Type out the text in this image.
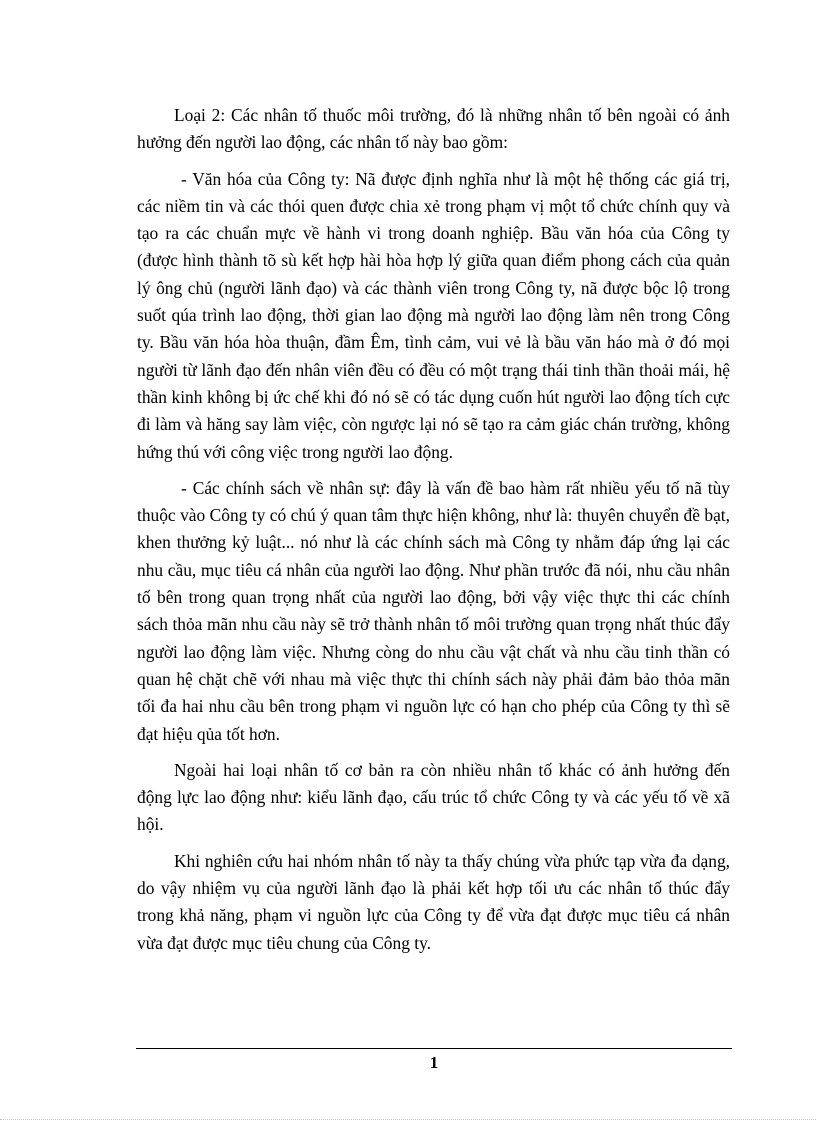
Loại 2: Các nhân tố thuốc môi trường, đó là những nhân tố bên ngoài có ảnh hưởng đến người lao động, các nhân tố này bao gồm:

- Văn hóa của Công ty: Nã được định nghĩa như là một hệ thống các giá trị, các niềm tin và các thói quen được chia xẻ trong phạm vị một tổ chức chính quy và tạo ra các chuẩn mực về hành vi trong doanh nghiệp. Bầu văn hóa của Công ty (được hình thành tõ sù kết hợp hài hòa hợp lý giữa quan điểm phong cách của quản lý ông chủ (người lãnh đạo) và các thành viên trong Công ty, nã được bộc lộ trong suốt qúa trình lao động, thời gian lao động mà người lao động làm nên trong Công ty. Bầu văn hóa hòa thuận, đầm Êm, tình cảm, vui vẻ là bầu văn háo mà ở đó mọi người từ lãnh đạo đến nhân viên đều có đều có một trạng thái tinh thần thoải mái, hệ thần kinh không bị ức chế khi đó nó sẽ có tác dụng cuốn hút người lao động tích cực đi làm và hăng say làm việc, còn ngược lại nó sẽ tạo ra cảm giác chán trường, không hứng thú với công việc trong người lao động.

- Các chính sách về nhân sự: đây là vấn đề bao hàm rất nhiều yếu tố nã tùy thuộc vào Công ty có chú ý quan tâm thực hiện không, như là: thuyên chuyển đề bạt, khen thưởng kỷ luật... nó như là các chính sách mà Công ty nhằm đáp ứng lại các nhu cầu, mục tiêu cá nhân của người lao động. Như phần trước đã nói, nhu cầu nhân tố bên trong quan trọng nhất của người lao động, bởi vậy việc thực thi các chính sách thỏa mãn nhu cầu này sẽ trở thành nhân tố môi trường quan trọng nhất thúc đẩy người lao động làm việc. Nhưng còng do nhu cầu vật chất và nhu cầu tinh thần có quan hệ chặt chẽ với nhau mà việc thực thi chính sách này phải đảm bảo thỏa mãn tối đa hai nhu cầu bên trong phạm vi nguồn lực có hạn cho phép của Công ty thì sẽ đạt hiệu qủa tốt hơn.

Ngoài hai loại nhân tố cơ bản ra còn nhiều nhân tố khác có ảnh hưởng đến động lực lao động như: kiểu lãnh đạo, cấu trúc tổ chức Công ty và các yếu tố về xã hội.

Khi nghiên cứu hai nhóm nhân tố này ta thấy chúng vừa phức tạp vừa đa dạng, do vậy nhiệm vụ của người lãnh đạo là phải kết hợp tối ưu các nhân tố thúc đẩy trong khả năng, phạm vi nguồn lực của Công ty để vừa đạt được mục tiêu cá nhân vừa đạt được mục tiêu chung của Công ty.

1
